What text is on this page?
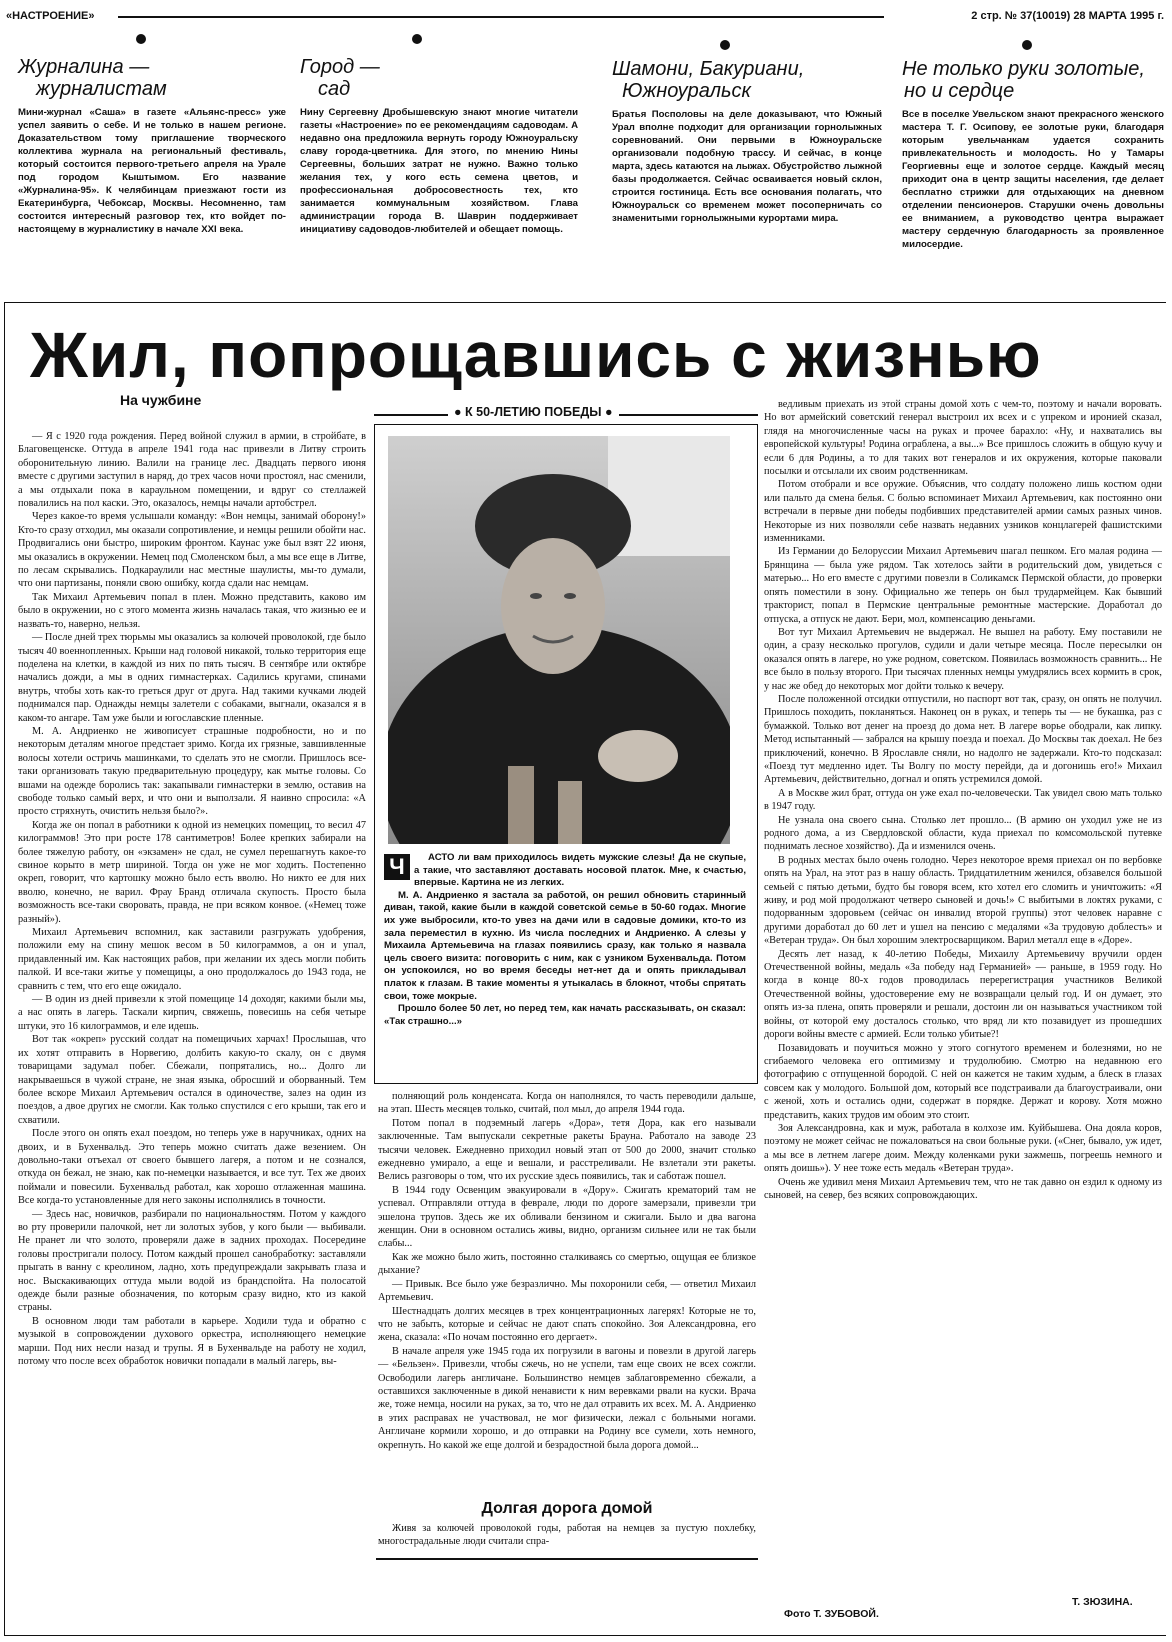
«НАСТРОЕНИЕ»	2 стр. № 37(10019) 28 МАРТА 1995 г.
Журналина —
журналистам
Мини-журнал «Саша» в газете «Альянс-пресс» уже успел заявить о себе. И не только в нашем регионе. Доказательством тому приглашение творческого коллектива журнала на региональный фестиваль, который состоится первого-третьего апреля на Урале под городом Кыштымом. Его название «Журналина-95». К челябинцам приезжают гости из Екатеринбурга, Чебоксар, Москвы. Несомненно, там состоится интересный разговор тех, кто войдет по-настоящему в журналистику в начале XXI века.
Город —
сад
Нину Сергеевну Дробышевскую знают многие читатели газеты «Настроение» по ее рекомендациям садоводам. А недавно она предложила вернуть городу Южноуральску славу города-цветника. Для этого, по мнению Нины Сергеевны, больших затрат не нужно. Важно только желания тех, у кого есть семена цветов, и профессиональная добросовестность тех, кто занимается коммунальным хозяйством. Глава администрации города В. Шаврин поддерживает инициативу садоводов-любителей и обещает помощь.
Шамони, Бакуриани,
Южноуральск
Братья Посполовы на деле доказывают, что Южный Урал вполне подходит для организации горнолыжных соревнований. Они первыми в Южноуральске организовали подобную трассу. И сейчас, в конце марта, здесь катаются на лыжах. Обустройство лыжной базы продолжается. Сейчас осваивается новый склон, строится гостиница. Есть все основания полагать, что Южноуральск со временем может посоперничать со знаменитыми горнолыжными курортами мира.
Не только руки золотые,
но и сердце
Все в поселке Увельском знают прекрасного женского мастера Т. Г. Осипову, ее золотые руки, благодаря которым увельчанкам удается сохранить привлекательность и молодость. Но у Тамары Георгиевны еще и золотое сердце. Каждый месяц приходит она в центр защиты населения, где делает бесплатно стрижки для отдыхающих на дневном отделении пенсионеров. Старушки очень довольны ее вниманием, а руководство центра выражает мастеру сердечную благодарность за проявленное милосердие.
Жил, попрощавшись с жизнью
На чужбине

— Я с 1920 года рождения. Перед войной служил в армии, в стройбате, в Благовещенске. Оттуда в апреле 1941 года нас привезли в Литву строить оборонительную линию. Валили на границе лес. Двадцать первого июня вместе с другими заступил в наряд, до трех часов ночи простоял, нас сменили, а мы отдыхали пока в караульном помещении, и вдруг со стеллажей повалились на пол каски. Это, оказалось, немцы начали артобстрел.

Через какое-то время услышали команду: «Вон немцы, занимай оборону!» Кто-то сразу отходил, мы оказали сопротивление, и немцы решили обойти нас. Продвигались они быстро, широким фронтом. Каунас уже был взят 22 июня, мы оказались в окружении. Немец под Смоленском был, а мы все еще в Литве, по лесам скрывались. Подкараулили нас местные шаулисты, мы-то думали, что они партизаны, поняли свою ошибку, когда сдали нас немцам.

Так Михаил Артемьевич попал в плен. Можно представить, каково им было в окружении, но с этого момента жизнь началась такая, что жизнью ее и назвать-то, наверно, нельзя.

— После дней трех тюрьмы мы оказались за колючей проволокой, где было тысяч 40 военнопленных. Крыши над головой никакой, только территория еще поделена на клетки, в каждой из них по пять тысяч. В сентябре или октябре начались дожди, а мы в одних гимнастерках. Садились кругами, спинами внутрь, чтобы хоть как-то греться друг от друга. Над такими кучками людей поднимался пар. Однажды немцы залетели с собаками, выгнали, оказался я в каком-то ангаре. Там уже были и югославские пленные.

М. А. Андриенко не живописует страшные подробности, но и по некоторым деталям многое предстает зримо. Когда их грязные, завшивленные волосы хотели остричь машинками, то сделать это не смогли. Пришлось все-таки организовать такую предварительную процедуру, как мытье головы. Со вшами на одежде боролись так: закапывали гимнастерки в землю, оставив на свободе только самый верх, и что они и выползали. Я наивно спросила: «А просто стряхнуть, очистить нельзя было?».

Когда же он попал в работники к одной из немецких помещиц, то весил 47 килограммов! Это при росте 178 сантиметров! Более крепких забирали на более тяжелую работу, он «экзамен» не сдал, не сумел перешагнуть какое-то свиное корыто в метр шириной. Тогда он уже не мог ходить. Постепенно окреп, говорит, что картошку можно было есть вволю. Но никто ее для них вволю, конечно, не варил. Фрау Бранд отличала скупость. Просто была возможность все-таки своровать, правда, не при всяком конвое. («Немец тоже разный»).

Михаил Артемьевич вспомнил, как заставили разгружать удобрения, положили ему на спину мешок весом в 50 килограммов, а он и упал, придавленный им. Как настоящих рабов, при желании их здесь могли побить палкой. И все-таки житье у помещицы, а оно продолжалось до 1943 года, не сравнить с тем, что его еще ожидало.

— В один из дней привезли к этой помещице 14 доходяг, какими были мы, а нас опять в лагерь. Таскали кирпич, свяжешь, повесишь на себя четыре штуки, это 16 килограммов, и еле идешь.

Вот так «окреп» русский солдат на помещичьих харчах! Прослышав, что их хотят отправить в Норвегию, долбить какую-то скалу, он с двумя товарищами задумал побег. Сбежали, попрятались, но... Долго ли накрываешься в чужой стране, не зная языка, обросший и оборванный. Тем более вскоре Михаил Артемьевич остался в одиночестве, залез на один из поездов, а двое других не смогли. Как только спустился с его крыши, так его и схватили.

После этого он опять ехал поездом, но теперь уже в наручниках, одних на двоих, и в Бухенвальд. Это теперь можно считать даже везением. Он довольно-таки отъехал от своего бывшего лагеря, а потом и не сознался, откуда он бежал, не знаю, как по-немецки называется, и все тут. Тех же двоих поймали и повесили. Бухенвальд работал, как хорошо отлаженная машина. Все когда-то установленные для него законы исполнялись в точности.

— Здесь нас, новичков, разбирали по национальностям. Потом у каждого во рту проверили палочкой, нет ли золотых зубов, у кого были — выбивали. Не пранет ли что золото, проверяли даже в задних проходах. Посередине головы простригали полосу. Потом каждый прошел санобработку: заставляли прыгать в ванну с креолином, ладно, хоть предупреждали закрывать глаза и нос. Выскакивающих оттуда мыли водой из брандспойта. На полосатой одежде были разные обозначения, по которым сразу видно, кто из какой страны.

В основном люди там работали в карьере. Ходили туда и обратно с музыкой в сопровождении духового оркестра, исполняющего немецкие марши. Под них несли назад и трупы. Я в Бухенвальде на работу не ходил, потому что после всех обработок новички попадали в малый лагерь, вы-

● К 50-ЛЕТИЮ ПОБЕДЫ ●
Ч	АСТО ли вам приходилось видеть мужские слезы! Да не скупые, а такие, что заставляют доставать носовой платок. Мне, к счастью, впервые. Картина не из легких.

М. А. Андриенко я застала за работой, он решил обновить старинный диван, такой, какие были в каждой советской семье в 50-60 годах. Многие их уже выбросили, кто-то увез на дачи или в садовые домики, кто-то из зала переместил в кухню. Из числа последних и Андриенко. А слезы у Михаила Артемьевича на глазах появились сразу, как только я назвала цель своего визита: поговорить с ним, как с узником Бухенвальда. Потом он успокоился, но во время беседы нет-нет да и опять прикладывал платок к глазам. В такие моменты я утыкалась в блокнот, чтобы спрятать свои, тоже мокрые.

Прошло более 50 лет, но перед тем, как начать рассказывать, он сказал: «Так страшно...»

полняющий роль конденсата. Когда он наполнялся, то часть переводили дальше, на этап. Шесть месяцев только, считай, пол мыл, до апреля 1944 года.

Потом попал в подземный лагерь «Дора», тетя Дора, как его называли заключенные. Там выпускали секретные ракеты Брауна. Работало на заводе 23 тысячи человек. Ежедневно приходил новый этап от 500 до 2000, значит столько ежедневно умирало, а еще и вешали, и расстреливали. Не взлетали эти ракеты. Велись разговоры о том, что их русские здесь появились, так и саботаж пошел.

В 1944 году Освенцим эвакуировали в «Дору». Сжигать крематорий там не успевал. Отправляли оттуда в феврале, люди по дороге замерзали, привезли три эшелона трупов. Здесь же их обливали бензином и сжигали. Было и два вагона женщин. Они в основном остались живы, видно, организм сильнее или не так были слабы...

Как же можно было жить, постоянно сталкиваясь со смертью, ощущая ее близкое дыхание?

— Привык. Все было уже безразлично. Мы похоронили себя, — ответил Михаил Артемьевич.

Шестнадцать долгих месяцев в трех концентрационных лагерях! Которые не то, что не забыть, которые и сейчас не дают спать спокойно. Зоя Александровна, его жена, сказала: «По ночам постоянно его дергает».

В начале апреля уже 1945 года их погрузили в вагоны и повезли в другой лагерь — «Бельзен». Привезли, чтобы сжечь, но не успели, там еще своих не всех сожгли. Освободили лагерь англичане. Большинство немцев заблаговременно сбежали, а оставшихся заключенные в дикой ненависти к ним веревками рвали на куски. Врача же, тоже немца, носили на руках, за то, что не дал отравить их всех. М. А. Андриенко в этих расправах не участвовал, не мог физически, лежал с больными ногами. Англичане кормили хорошо, и до отправки на Родину все сумели, хоть немного, окрепнуть. Но какой же еще долгой и безрадостной была дорога домой...

Долгая дорога домой

Живя за колючей проволокой годы, работая на немцев за пустую похлебку, многострадальные люди считали спра-

ведливым приехать из этой страны домой хоть с чем-то, поэтому и начали воровать. Но вот армейский советский генерал выстроил их всех и с упреком и иронией сказал, глядя на многочисленные часы на руках и прочее барахло: «Ну, и нахватались вы европейской культуры! Родина ограблена, а вы...» Все пришлось сложить в общую кучу и если 6 для Родины, а то для таких вот генералов и их окружения, которые паковали посылки и отсылали их своим родственникам.

Потом отобрали и все оружие. Объяснив, что солдату положено лишь костюм одни или пальто да смена белья. С болью вспоминает Михаил Артемьевич, как постоянно они встречали в первые дни победы подбивших представителей армии самых разных чинов. Некоторые из них позволяли себе назвать недавних узников концлагерей фашистскими изменниками.

Из Германии до Белоруссии Михаил Артемьевич шагал пешком. Его малая родина — Брянщина — была уже рядом. Так хотелось зайти в родительский дом, увидеться с матерью... Но его вместе с другими повезли в Соликамск Пермской области, до проверки опять поместили в зону. Официально же теперь он был трудармейцем. Как бывший тракторист, попал в Пермские центральные ремонтные мастерские. Доработал до отпуска, а отпуск не дают. Бери, мол, компенсацию деньгами.

Вот тут Михаил Артемьевич не выдержал. Не вышел на работу. Ему поставили не один, а сразу несколько прогулов, судили и дали четыре месяца. После пересылки он оказался опять в лагере, но уже родном, советском. Появилась возможность сравнить... Не все было в пользу второго. При тысячах пленных немцы умудрялись всех кормить в срок, у нас же обед до некоторых мог дойти только к вечеру.

После положенной отсидки отпустили, но паспорт вот так, сразу, он опять не получил. Пришлось походить, покланяться. Наконец он в руках, и теперь ты — не букашка, раз с бумажкой. Только вот денег на проезд до дома нет. В лагере ворье ободрали, как липку. Метод испытанный — забрался на крышу поезда и поехал. До Москвы так доехал. Не без приключений, конечно. В Ярославле сняли, но надолго не задержали. Кто-то подсказал: «Поезд тут медленно идет. Ты Волгу по мосту перейди, да и догонишь его!» Михаил Артемьевич, действительно, догнал и опять устремился домой.

А в Москве жил брат, оттуда он уже ехал по-человечески. Так увидел свою мать только в 1947 году.

Не узнала она своего сына. Столько лет прошло... (В армию он уходил уже не из родного дома, а из Свердловской области, куда приехал по комсомольской путевке поднимать лесное хозяйство). Да и изменился очень.

В родных местах было очень голодно. Через некоторое время приехал он по вербовке опять на Урал, на этот раз в нашу область. Тридцатилетним женился, обзавелся большой семьей с пятью детьми, будто бы говоря всем, кто хотел его сломить и уничтожить: «Я живу, и род мой продолжают четверо сыновей и дочь!» С выбитыми в локтях руками, с подорванным здоровьем (сейчас он инвалид второй группы) этот человек наравне с другими доработал до 60 лет и ушел на пенсию с медалями «За трудовую доблесть» и «Ветеран труда». Он был хорошим электросварщиком. Варил металл еще в «Доре».

Десять лет назад, к 40-летию Победы, Михаилу Артемьевичу вручили орден Отечественной войны, медаль «За победу над Германией» — раньше, в 1959 году. Но когда в конце 80-х годов проводилась перерегистрация участников Великой Отечественной войны, удостоверение ему не возвращали целый год. И он думает, это опять из-за плена, опять проверяли и решали, достоин ли он называться участником той войны, от которой ему досталось столько, что вряд ли кто позавидует из прошедших дороги войны вместе с армией. Если только убитые?!

Позавидовать и поучиться можно у этого согнутого временем и болезнями, но не сгибаемого человека его оптимизму и трудолюбию. Смотрю на недавнюю его фотографию с отпущенной бородой. С ней он кажется не таким худым, а блеск в глазах совсем как у молодого. Большой дом, который все подстраивали да благоустраивали, они с женой, хоть и остались одни, содержат в порядке. Держат и корову. Хотя можно представить, каких трудов им обоим это стоит.

Зоя Александровна, как и муж, работала в колхозе им. Куйбышева. Она дояла коров, поэтому не может сейчас не пожаловаться на свои больные руки. («Снег, бывало, уж идет, а мы все в летнем лагере доим. Между коленками руки зажмешь, погреешь немного и опять доишь»). У нее тоже есть медаль «Ветеран труда».

Очень же удивил меня Михаил Артемьевич тем, что не так давно он ездил к одному из сыновей, на север, без всяких сопровождающих.

Фото Т. ЗУБОВОЙ.
Т. ЗЮЗИНА.
